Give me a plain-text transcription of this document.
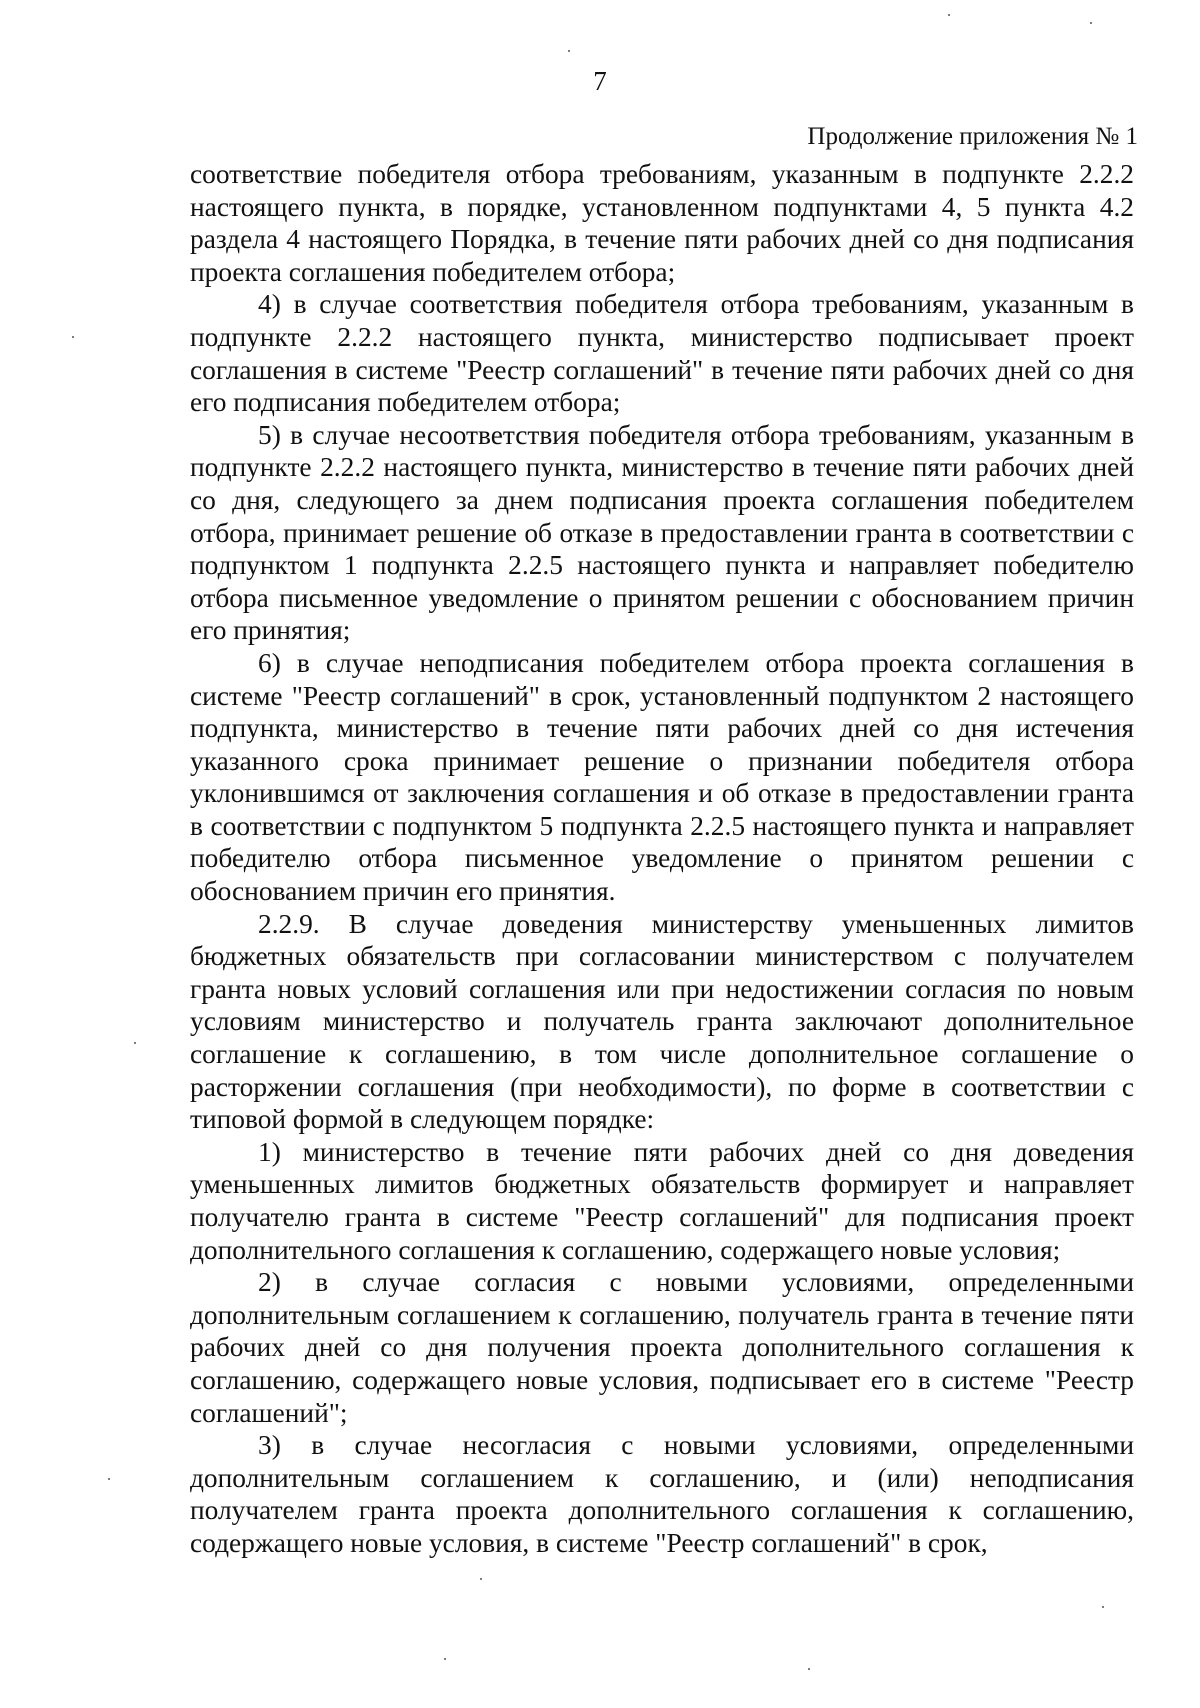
7
Продолжение приложения № 1

соответствие победителя отбора требованиям, указанным в подпункте 2.2.2 настоящего пункта, в порядке, установленном подпунктами 4, 5 пункта 4.2 раздела 4 настоящего Порядка, в течение пяти рабочих дней со дня подписания проекта соглашения победителем отбора;

4) в случае соответствия победителя отбора требованиям, указанным в подпункте 2.2.2 настоящего пункта, министерство подписывает проект соглашения в системе "Реестр соглашений" в течение пяти рабочих дней со дня его подписания победителем отбора;

5) в случае несоответствия победителя отбора требованиям, указанным в подпункте 2.2.2 настоящего пункта, министерство в течение пяти рабочих дней со дня, следующего за днем подписания проекта соглашения победителем отбора, принимает решение об отказе в предоставлении гранта в соответствии с подпунктом 1 подпункта 2.2.5 настоящего пункта и направляет победителю отбора письменное уведомление о принятом решении с обоснованием причин его принятия;

6) в случае неподписания победителем отбора проекта соглашения в системе "Реестр соглашений" в срок, установленный подпунктом 2 настоящего подпункта, министерство в течение пяти рабочих дней со дня истечения указанного срока принимает решение о признании победителя отбора уклонившимся от заключения соглашения и об отказе в предоставлении гранта в соответствии с подпунктом 5 подпункта 2.2.5 настоящего пункта и направляет победителю отбора письменное уведомление о принятом решении с обоснованием причин его принятия.

2.2.9. В случае доведения министерству уменьшенных лимитов бюджетных обязательств при согласовании министерством с получателем гранта новых условий соглашения или при недостижении согласия по новым условиям министерство и получатель гранта заключают дополнительное соглашение к соглашению, в том числе дополнительное соглашение о расторжении соглашения (при необходимости), по форме в соответствии с типовой формой в следующем порядке:

1) министерство в течение пяти рабочих дней со дня доведения уменьшенных лимитов бюджетных обязательств формирует и направляет получателю гранта в системе "Реестр соглашений" для подписания проект дополнительного соглашения к соглашению, содержащего новые условия;

2) в случае согласия с новыми условиями, определенными дополнительным соглашением к соглашению, получатель гранта в течение пяти рабочих дней со дня получения проекта дополнительного соглашения к соглашению, содержащего новые условия, подписывает его в системе "Реестр соглашений";

3) в случае несогласия с новыми условиями, определенными дополнительным соглашением к соглашению, и (или) неподписания получателем гранта проекта дополнительного соглашения к соглашению, содержащего новые условия, в системе "Реестр соглашений" в срок,
